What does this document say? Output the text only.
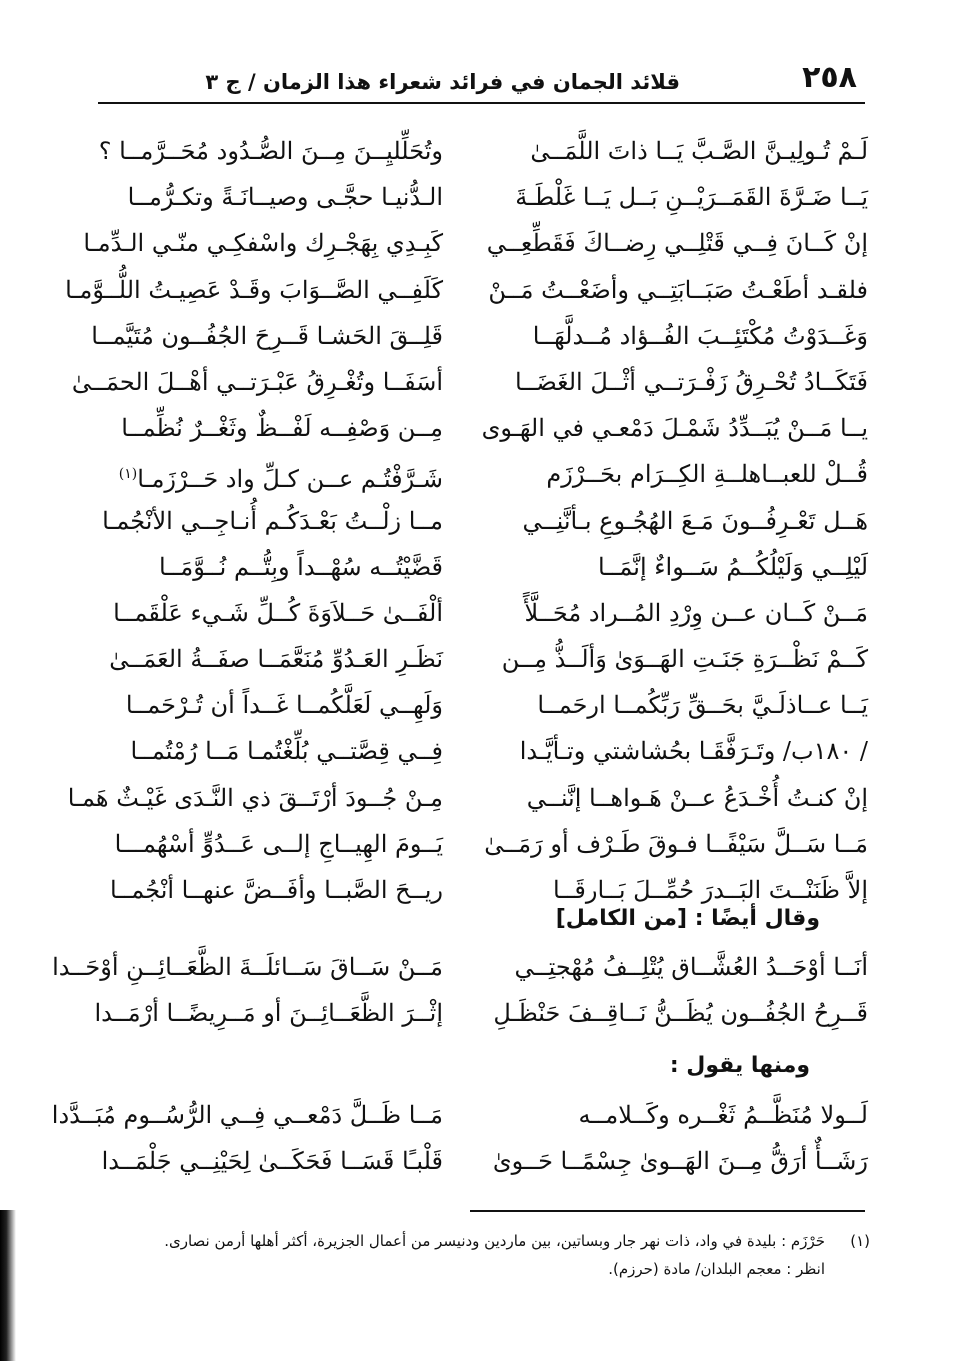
٢٥٨
قلائد الجمان في فرائد شعراء هذا الزمان / ج ٣
لَـمْ تُـولِيـنَّ الصَّـبَّ يَــا ذاتَ اللَّمَــىٰ
وتُحَلِّليِــنَ مِــنَ الصُّـدُود مُحَــرَّمــا ؟
يَــا ضَـرَّةَ القَمَــرَيْــنِ بَــل يَــا غَلْطَـةَ
الـدُّنيـا حجَّـى وصيــانَـةً وتكـرُّمــا
إنْ كَــانَ فِــي قَتْلِــي رِضــاكَ فَقَطِّعِــي
كَبِـدِي بِهَجْـرِك واسْفكِـي منّـي الـدِّمـا
فلقـد أطَعْـتُ صَبَــابَتِــي وأضَعْــتُ مَــنْ
كَلَفِــي الصَّــوَابَ وقَـدْ عَصِيـتُ اللُّــوَّمـا
وَغَــدَوْتُ مُكْتَئِــبَ الفُــؤاد مُــدلَّهَــا
قَلِــقَ الحَشـا قَــرِحَ الجُفُــون مُتَيَّمــا
فَتَكَــادُ تُحْـرِقُ زَفْـرَتــي أثْــلَ الغَضَــا
أسَفَــا وتُغْـرِقُ عَبْـرَتــي أهْــلَ الحمَــىٰ
يــا مَــنْ يُبَــدِّدُ شَمْـلَ دَمْعـي في الهَـوى
مِــن وَصْفِــه لَفْــظٌ وثَغْــرٌ نُظِّمــا
قُــلْ للعبــاهلــةِ الكِــرَام بحَــرْزَم
شَـرَّفْتُـم عــن كـلِّ واد حَــرْزَمـا$^{(١)}$
هَــل تَعْـرِفُــونَ مَـعَ الهُجُـوعِ بـأنَّنِــي
مــا زلْــتُ بَعْـدَكُـم أُنـاجِــي الأنْجُمـا
لَيْلِــي وَلَيْلُكُــمُ سَــواءٌ إنَّمَــا
قَضَّيْتُــه سُهْــداً وبِتُّــم نُــوَّمَــا
مَــنْ كَــان عــن وِرْدِ المُــراد مُحَــلَّأً
ألْفَــىٰ حَــلاَوَةَ كُــلِّ شَـيء عَلْقَمــا
كَــمْ نَظْــرَةِ جَنَـتِ الهَــوَىٰ وَألَــذُّ مِــن
نَظَـرِ العَـدُوِّ مُنَعَّمَــا صفَــةُ العَمَــىٰ
يَــا عــاذلَـيَّ بحَــقِّ رَبِّكُمــا ارحَمــا
وَلَهِــي لَعَلَّكُمــا غَــداً أن تُـرْحَمــا
/ ١٨٠ب/ وتَـرَفَّقَـا بحُشاشتي وتـأيَّـدا
فِــي قِصَّتــي بُلِّغْتُمـا مَــا رُمْتُمــا
إنْ كنـتُ أُخْـدَعُ عــنْ هَـواهــا إنَّنــي
مِـنْ جُــودَ أرْتَــقَ ذي النَّـدَى غَيْـثٌ هَمـا
مَــا سَــلَّ سَيْفًــا فـوقَ طَـرْف أو رَمَــىٰ
يَــومَ الهِيــاجِ إلــى عَــدُوٍّ أسْهُمـــا
إلاَّ ظَنَنْــتَ البَــدرَ حُمِّــلَ بَــارقَــا
ريــحَ الصَّبــا وأفَــضَّ عنهــا أنْجُمــا
وقال أيضًا : [من الكامل]
أنَــا أوْحَــدُ العُشَّــاق يُتْلِــفُ مُهْجتِــي
مَــنْ سَــاقَ سَــائلَــةَ الظَّعَــائِــنِ أوْحَــدا
قَــرِحُ الجُفُــون يُظَــنُّ نَــاقِــفَ حَنْظَـلِ
إثْــرَ الظَّعَــائِــنَ أو مَــرِيضًــا أرْمَــدا
ومنها يقول :
لَــولا مُنَظَّــمُ ثَغْــره وكَــلامــه
مَــا ظَــلَّ دَمْعــي فِــي الرُّسُــوم مُبَــدَّدا
رَشَــأٌ أرَقُّ مِــنَ الهَــوىٰ جِسْمًــا حَــوىٰ
قَلْبـًا قَسَــا فَحَكَــىٰ لِحَيْنِــي جَلْمَــدا
(١)حَرْزَم : بليدة في واد، ذات نهر جار وبساتين، بين ماردين ودنيسر من أعمال الجزيرة، أكثر أهلها أرمن نصارى.
انظر : معجم البلدان/ مادة (حرزم).
